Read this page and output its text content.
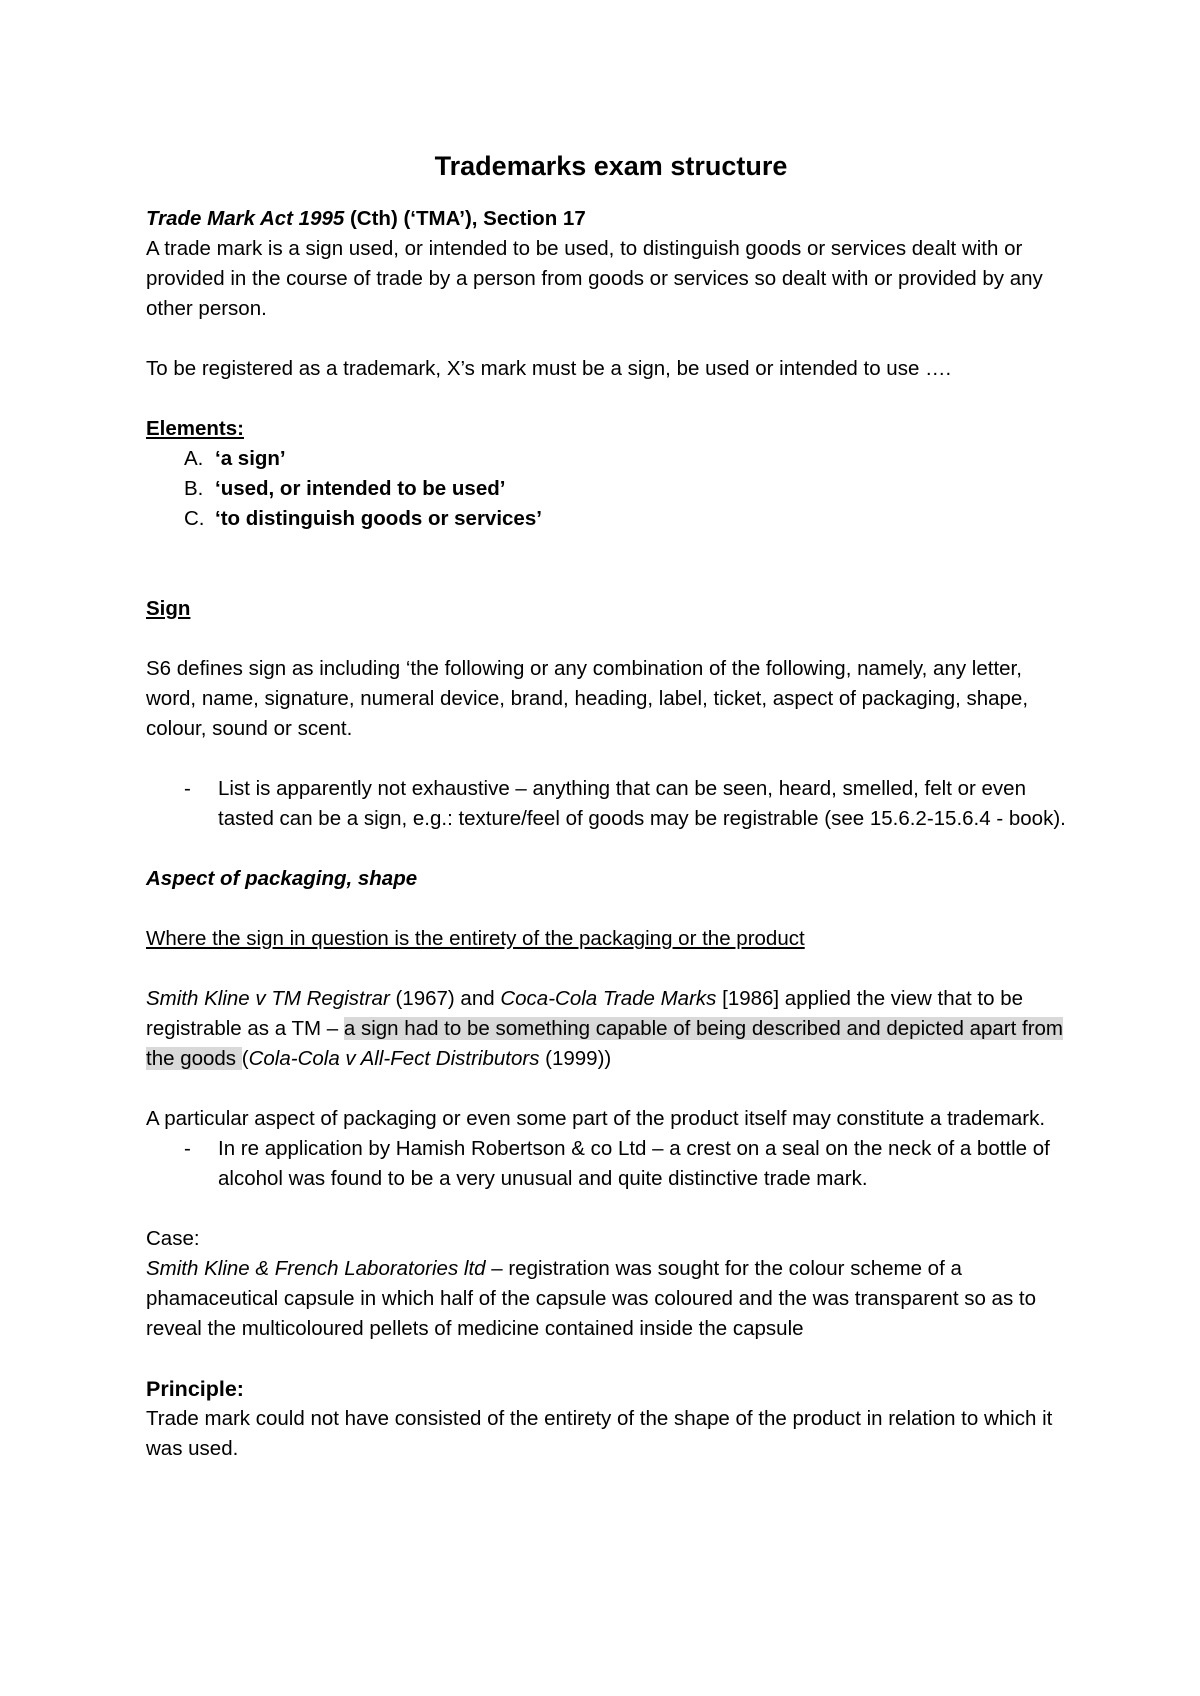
Trademarks exam structure

Trade Mark Act 1995 (Cth) (‘TMA’), Section 17

A trade mark is a sign used, or intended to be used, to distinguish goods or services dealt with or provided in the course of trade by a person from goods or services so dealt with or provided by any other person.

To be registered as a trademark, X’s mark must be a sign, be used or intended to use ….

Elements:

A. ‘a sign’
B. ‘used, or intended to be used’
C. ‘to distinguish goods or services’

Sign

S6 defines sign as including ‘the following or any combination of the following, namely, any letter, word, name, signature, numeral device, brand, heading, label, ticket, aspect of packaging, shape, colour, sound or scent.

- List is apparently not exhaustive – anything that can be seen, heard, smelled, felt or even tasted can be a sign, e.g.: texture/feel of goods may be registrable (see 15.6.2-15.6.4 - book).

Aspect of packaging, shape

Where the sign in question is the entirety of the packaging or the product

Smith Kline v TM Registrar (1967) and Coca-Cola Trade Marks [1986] applied the view that to be registrable as a TM – a sign had to be something capable of being described and depicted apart from the goods (Cola-Cola v All-Fect Distributors (1999))

A particular aspect of packaging or even some part of the product itself may constitute a trademark.

- In re application by Hamish Robertson & co Ltd – a crest on a seal on the neck of a bottle of alcohol was found to be a very unusual and quite distinctive trade mark.

Case:

Smith Kline & French Laboratories ltd – registration was sought for the colour scheme of a phamaceutical capsule in which half of the capsule was coloured and the was transparent so as to reveal the multicoloured pellets of medicine contained inside the capsule

Principle:

Trade mark could not have consisted of the entirety of the shape of the product in relation to which it was used.
